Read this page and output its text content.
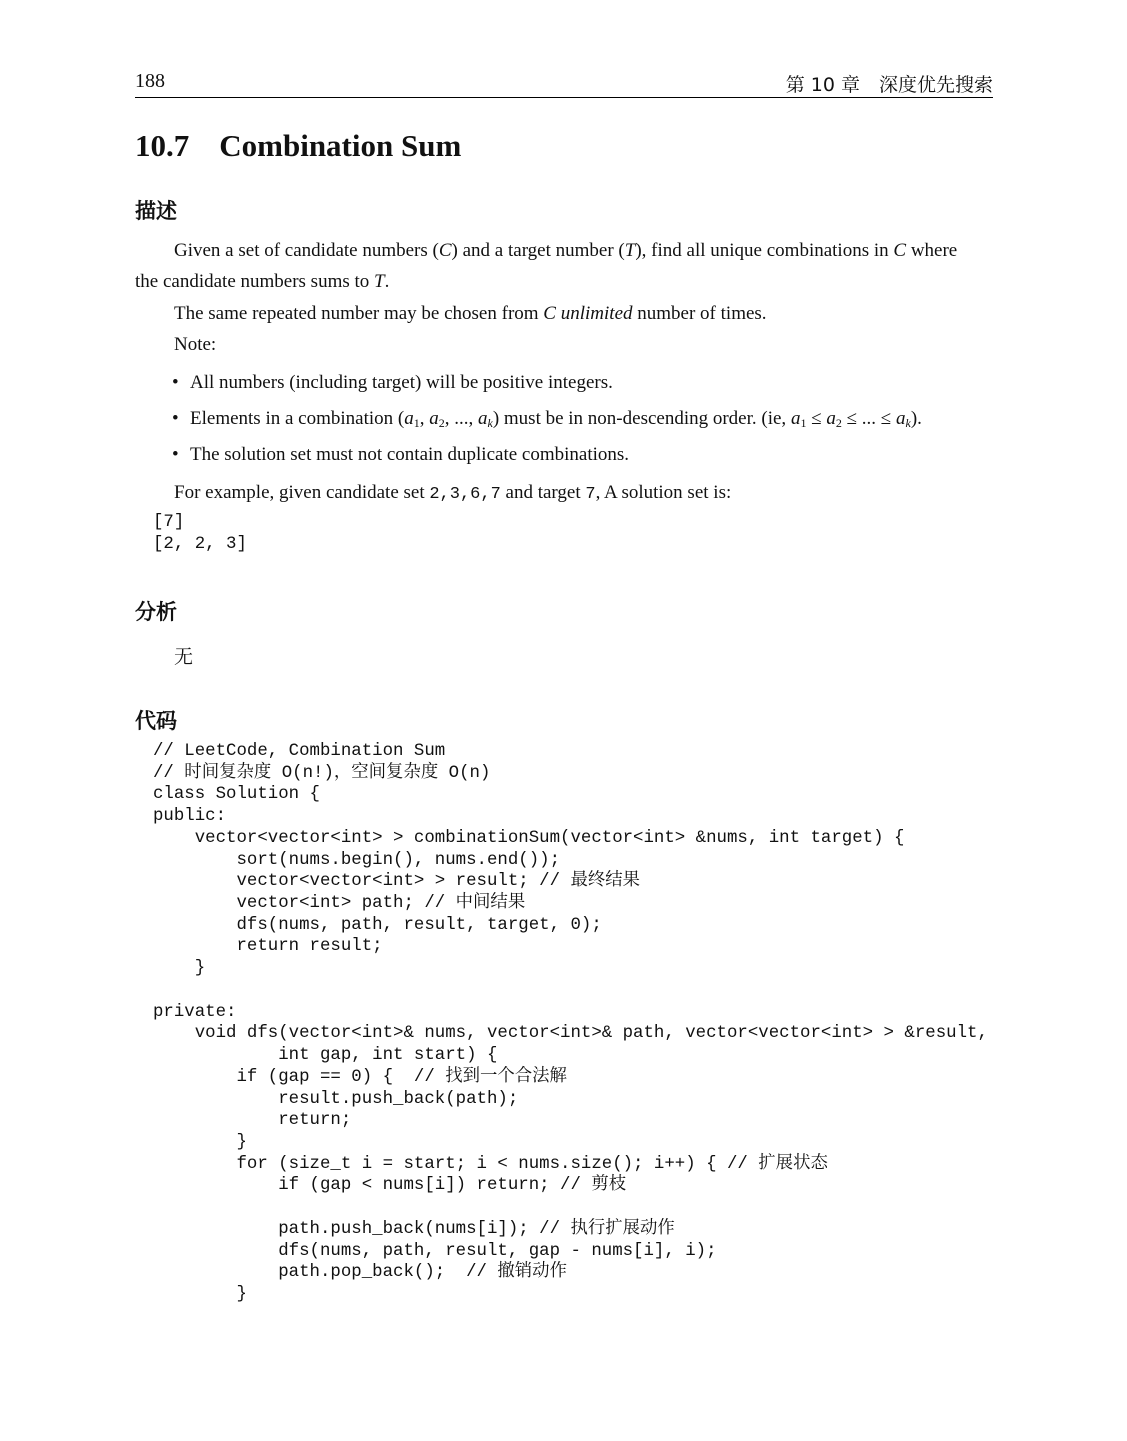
188	第 10 章　深度优先搜索
10.7 Combination Sum
描述
Given a set of candidate numbers (C) and a target number (T), find all unique combinations in C where
the candidate numbers sums to T.
The same repeated number may be chosen from C unlimited number of times.
Note:
• All numbers (including target) will be positive integers.
• Elements in a combination ($a_1$, $a_2$, ..., $a_k$) must be in non-descending order. (ie, $a_1 \le a_2$ ≤ ... ≤ $a_k$).
• The solution set must not contain duplicate combinations.
For example, given candidate set 2,3,6,7 and target 7, A solution set is:
[7]
[2, 2, 3]
分析
无
代码
// LeetCode, Combination Sum
// 时间复杂度 O(n!)，空间复杂度 O(n)
class Solution {
public:
vector<vector<int> > combinationSum(vector<int> &nums, int target) {
sort(nums.begin(), nums.end());
vector<vector<int> > result; // 最终结果
vector<int> path; // 中间结果
dfs(nums, path, result, target, 0);
return result;
}
private:
void dfs(vector<int>& nums, vector<int>& path, vector<vector<int> > &result,
int gap, int start) {
if (gap == 0) {  // 找到一个合法解
result.push_back(path);
return;
}
for (size_t i = start; i < nums.size(); i++) { // 扩展状态
if (gap < nums[i]) return; // 剪枝
path.push_back(nums[i]); // 执行扩展动作
dfs(nums, path, result, gap - nums[i], i);
path.pop_back();  // 撤销动作
}
